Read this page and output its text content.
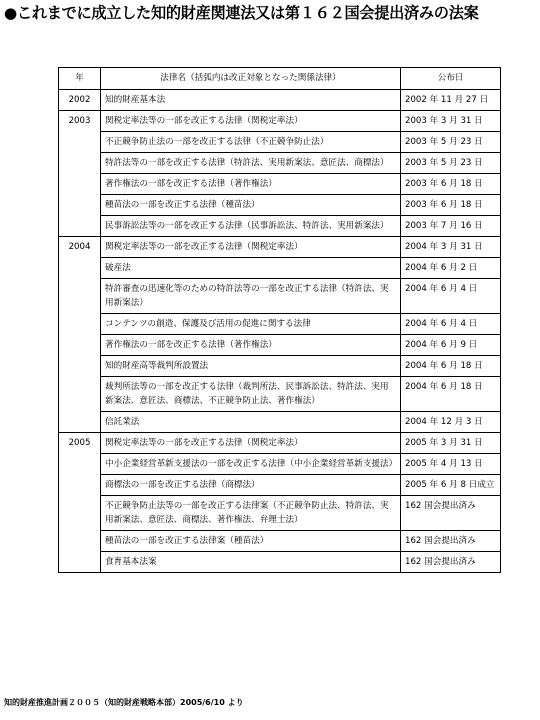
●これまでに成立した知的財産関連法又は第１６２国会提出済みの法案
年	法律名（括弧内は改正対象となった関係法律）	公布日
2002	知的財産基本法	2002 年 11 月 27 日
2003	関税定率法等の一部を改正する法律（関税定率法）	2003 年 3 月 31 日
	不正競争防止法の一部を改正する法律（不正競争防止法）	2003 年 5 月 23 日
	特許法等の一部を改正する法律（特許法、実用新案法、意匠法、商標法）	2003 年 5 月 23 日
	著作権法の一部を改正する法律（著作権法）	2003 年 6 月 18 日
	種苗法の一部を改正する法律（種苗法）	2003 年 6 月 18 日
	民事訴訟法等の一部を改正する法律（民事訴訟法、特許法、実用新案法）	2003 年 7 月 16 日
2004	関税定率法等の一部を改正する法律（関税定率法）	2004 年 3 月 31 日
	破産法	2004 年 6 月 2 日
	特許審査の迅速化等のための特許法等の一部を改正する法律（特許法、実用新案法）	2004 年 6 月 4 日
	コンテンツの創造、保護及び活用の促進に関する法律	2004 年 6 月 4 日
	著作権法の一部を改正する法律（著作権法）	2004 年 6 月 9 日
	知的財産高等裁判所設置法	2004 年 6 月 18 日
	裁判所法等の一部を改正する法律（裁判所法、民事訴訟法、特許法、実用新案法、意匠法、商標法、不正競争防止法、著作権法）	2004 年 6 月 18 日
	信託業法	2004 年 12 月 3 日
2005	関税定率法等の一部を改正する法律（関税定率法）	2005 年 3 月 31 日
	中小企業経営革新支援法の一部を改正する法律（中小企業経営革新支援法）	2005 年 4 月 13 日
	商標法の一部を改正する法律（商標法）	2005 年 6 月 8 日成立
	不正競争防止法等の一部を改正する法律案（不正競争防止法、特許法、実用新案法、意匠法、商標法、著作権法、弁理士法）	162 国会提出済み
	種苗法の一部を改正する法律案（種苗法）	162 国会提出済み
	食育基本法案	162 国会提出済み
知的財産推進計画２００５（知的財産戦略本部）2005/6/10 より
